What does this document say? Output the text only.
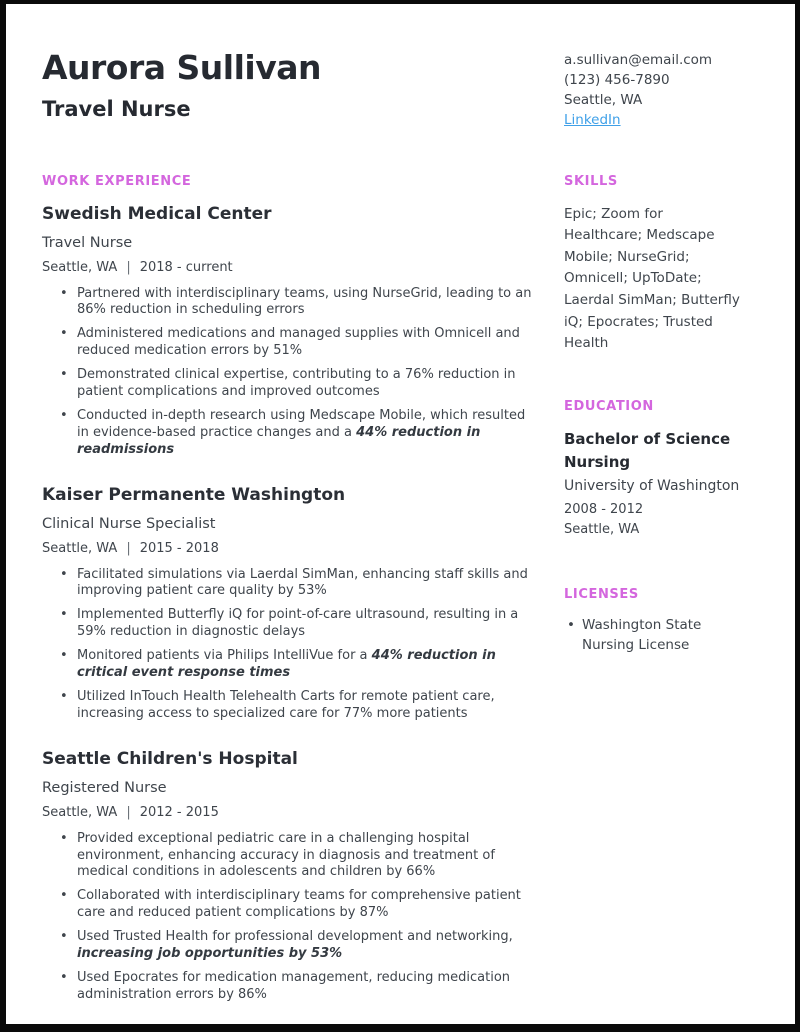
Aurora Sullivan
Travel Nurse
a.sullivan@email.com
(123) 456-7890
Seattle, WA
LinkedIn
WORK EXPERIENCE
Swedish Medical Center
Travel Nurse
Seattle, WA | 2018 - current
• Partnered with interdisciplinary teams, using NurseGrid, leading to an 86% reduction in scheduling errors
• Administered medications and managed supplies with Omnicell and reduced medication errors by 51%
• Demonstrated clinical expertise, contributing to a 76% reduction in patient complications and improved outcomes
• Conducted in-depth research using Medscape Mobile, which resulted in evidence-based practice changes and a 44% reduction in readmissions
Kaiser Permanente Washington
Clinical Nurse Specialist
Seattle, WA | 2015 - 2018
• Facilitated simulations via Laerdal SimMan, enhancing staff skills and improving patient care quality by 53%
• Implemented Butterfly iQ for point-of-care ultrasound, resulting in a 59% reduction in diagnostic delays
• Monitored patients via Philips IntelliVue for a 44% reduction in critical event response times
• Utilized InTouch Health Telehealth Carts for remote patient care, increasing access to specialized care for 77% more patients
Seattle Children's Hospital
Registered Nurse
Seattle, WA | 2012 - 2015
• Provided exceptional pediatric care in a challenging hospital environment, enhancing accuracy in diagnosis and treatment of medical conditions in adolescents and children by 66%
• Collaborated with interdisciplinary teams for comprehensive patient care and reduced patient complications by 87%
• Used Trusted Health for professional development and networking, increasing job opportunities by 53%
• Used Epocrates for medication management, reducing medication administration errors by 86%
SKILLS

Epic; Zoom for Healthcare; Medscape Mobile; NurseGrid; Omnicell; UpToDate; Laerdal SimMan; Butterfly iQ; Epocrates; Trusted Health

EDUCATION

Bachelor of Science Nursing

University of Washington

2008 - 2012

Seattle, WA

LICENSES
• Washington State Nursing License
